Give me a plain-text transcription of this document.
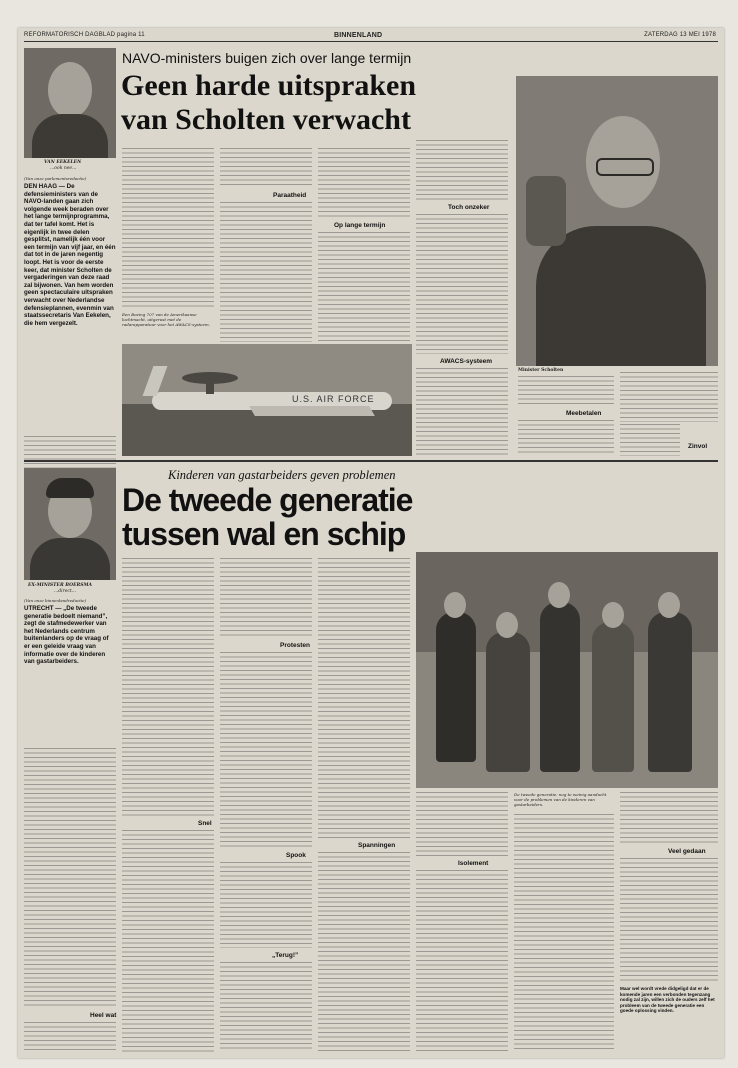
REFORMATORISCH DAGBLAD pagina 11	BINNENLAND	ZATERDAG 13 MEI 1978
VAN EEKELEN
...ook nee...
NAVO-ministers buigen zich over lange termijn
Geen harde uitspraken
van Scholten verwacht
(Van onze parlementsredactie)
DEN HAAG — De defensieministers van de NAVO-landen gaan zich volgende week beraden over het lange termijnprogramma, dat ter tafel komt. Het is eigenlijk in twee delen gesplitst, namelijk één voor een termijn van vijf jaar, en één dat tot in de jaren negentig loopt. Het is voor de eerste keer, dat minister Scholten de vergaderingen van deze raad zal bijwonen. Van hem worden geen spectaculaire uitspraken verwacht over Nederlandse defensieplannen, evenmin van staatssecretaris Van Eekelen, die hem vergezelt.
Een Boeing 707 van de Amerikaanse luchtmacht, uitgerust met de radarapparatuur voor het AWACS-systeem.
Paraatheid
Op lange termijn
U.S. AIR FORCE
Toch onzeker
AWACS-systeem
Minister Scholten
Meebetalen
Zinvol
EX-MINISTER BOERSMA
...direct...
Kinderen van gastarbeiders geven problemen
De tweede generatie
tussen wal en schip
(Van onze binnenlandredactie)
UTRECHT — „De tweede generatie bedoelt niemand”, zegt de stafmedewerker van het Nederlands centrum buitenlanders op de vraag of er een geleide vraag van informatie over de kinderen van gastarbeiders.
Heel wat
Snel
Protesten
Spook
„Terug!”
Spanningen
Isolement
De tweede generatie: nog te weinig aandacht voor de problemen van de kinderen van gastarbeiders.
Veel gedaan
Maar wel wordt vrede didgeligd dat er de komende jaren een verbonden tegenzang nodig zal zijn, willen zich de ouders zelf het probleem van de tweede generatie een goede oplossing vinden.
